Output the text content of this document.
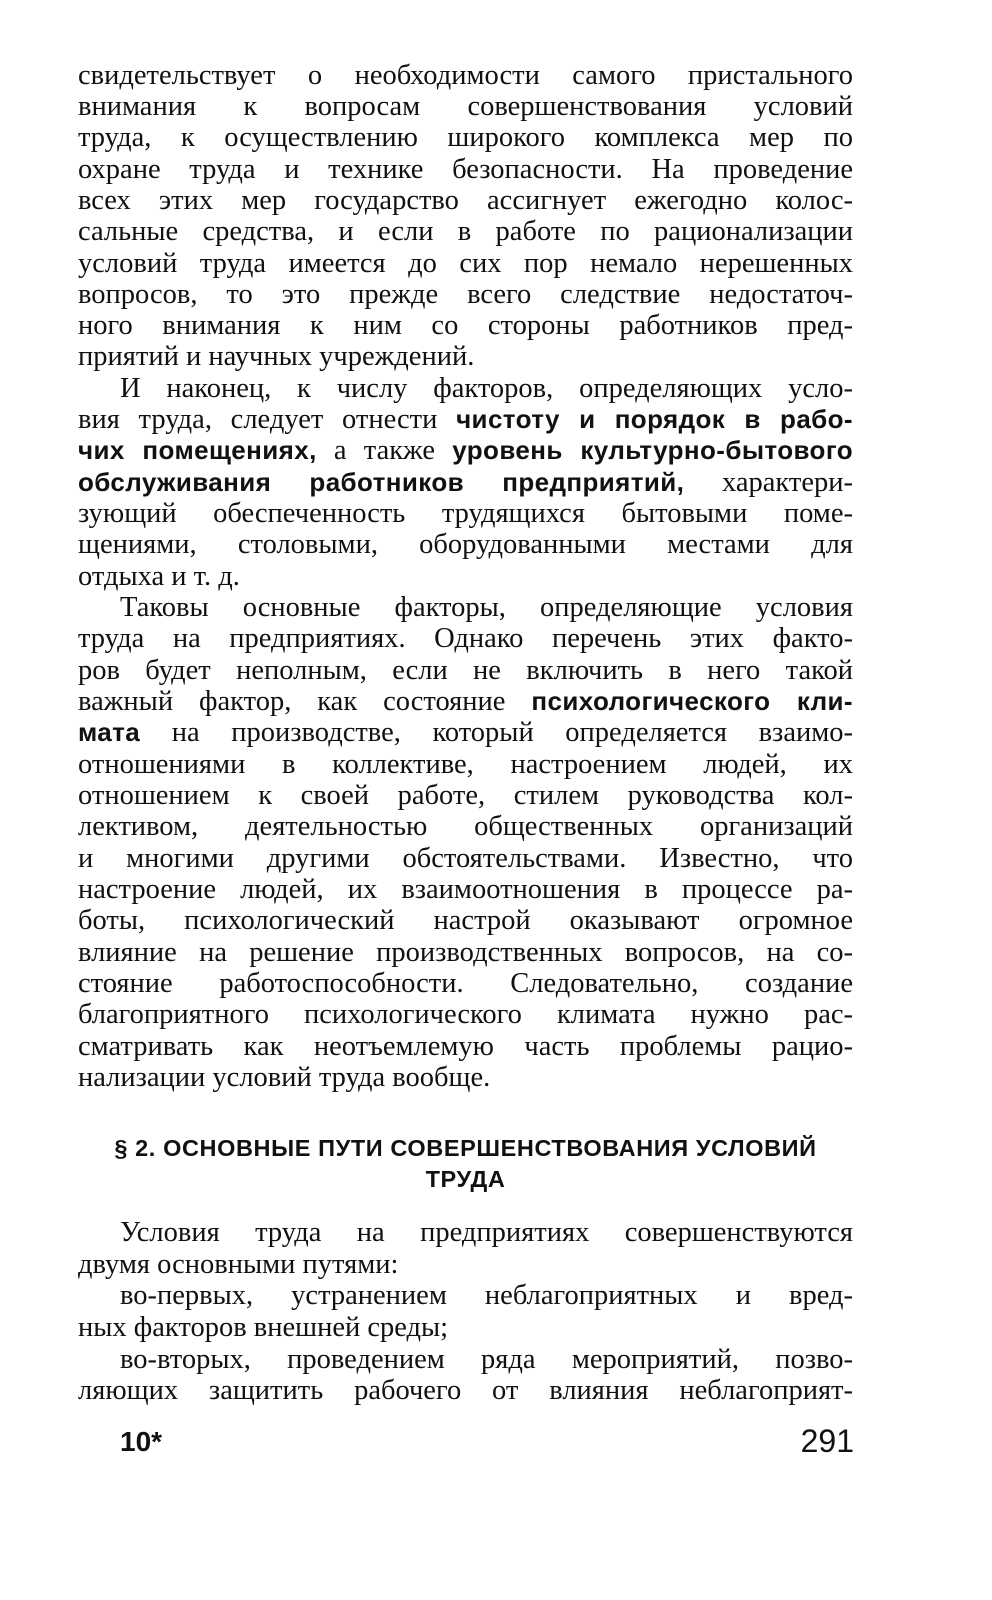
свидетельствует о необходимости самого пристального
внимания к вопросам совершенствования условий
труда, к осуществлению широкого комплекса мер по
охране труда и технике безопасности. На проведение
всех этих мер государство ассигнует ежегодно колос-
сальные средства, и если в работе по рационализации
условий труда имеется до сих пор немало нерешенных
вопросов, то это прежде всего следствие недостаточ-
ного внимания к ним со стороны работников пред-
приятий и научных учреждений.
И наконец, к числу факторов, определяющих усло-
вия труда, следует отнести чистоту и порядок в рабо-
чих помещениях, а также уровень культурно-бытового
обслуживания работников предприятий, характери-
зующий обеспеченность трудящихся бытовыми поме-
щениями, столовыми, оборудованными местами для
отдыха и т. д.
Таковы основные факторы, определяющие условия
труда на предприятиях. Однако перечень этих факто-
ров будет неполным, если не включить в него такой
важный фактор, как состояние психологического кли-
мата на производстве, который определяется взаимо-
отношениями в коллективе, настроением людей, их
отношением к своей работе, стилем руководства кол-
лективом, деятельностью общественных организаций
и многими другими обстоятельствами. Известно, что
настроение людей, их взаимоотношения в процессе ра-
боты, психологический настрой оказывают огромное
влияние на решение производственных вопросов, на со-
стояние работоспособности. Следовательно, создание
благоприятного психологического климата нужно рас-
сматривать как неотъемлемую часть проблемы рацио-
нализации условий труда вообще.
§ 2. ОСНОВНЫЕ ПУТИ СОВЕРШЕНСТВОВАНИЯ УСЛОВИЙ
ТРУДА
Условия труда на предприятиях совершенствуются
двумя основными путями:
во-первых, устранением неблагоприятных и вред-
ных факторов внешней среды;
во-вторых, проведением ряда мероприятий, позво-
ляющих защитить рабочего от влияния неблагоприят-
10*	291
